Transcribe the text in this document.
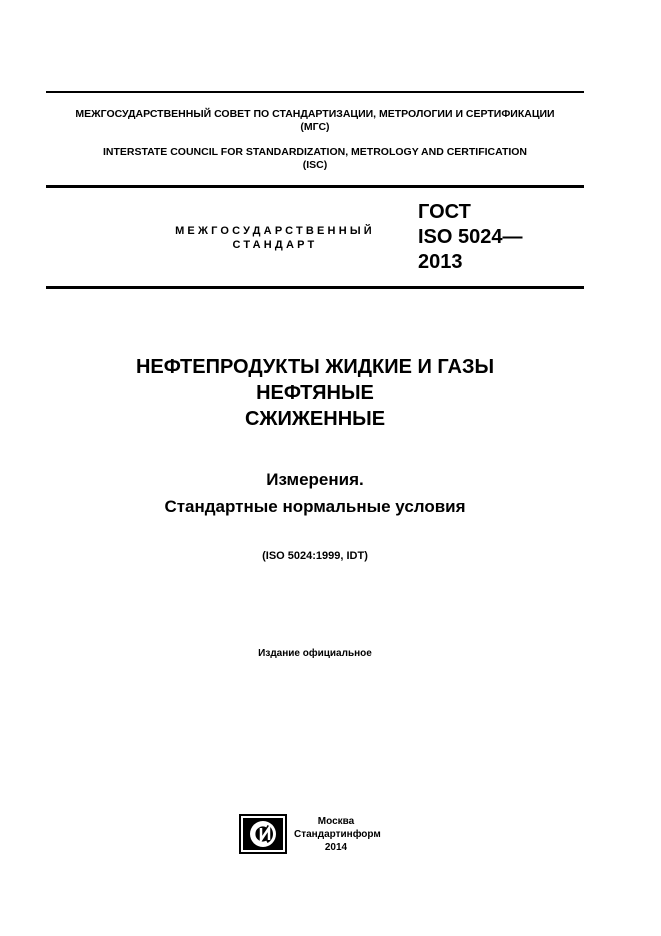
МЕЖГОСУДАРСТВЕННЫЙ СОВЕТ ПО СТАНДАРТИЗАЦИИ, МЕТРОЛОГИИ И СЕРТИФИКАЦИИ
(МГС)
INTERSTATE COUNCIL FOR STANDARDIZATION, METROLOGY AND CERTIFICATION
(ISC)
МЕЖГОСУДАРСТВЕННЫЙ
СТАНДАРТ
ГОСТ
ISO 5024—
2013
НЕФТЕПРОДУКТЫ ЖИДКИЕ И ГАЗЫ
НЕФТЯНЫЕ
СЖИЖЕННЫЕ
Измерения.
Стандартные нормальные условия
(ISO 5024:1999, IDT)
Издание официальное
Москва
Стандартинформ
2014
